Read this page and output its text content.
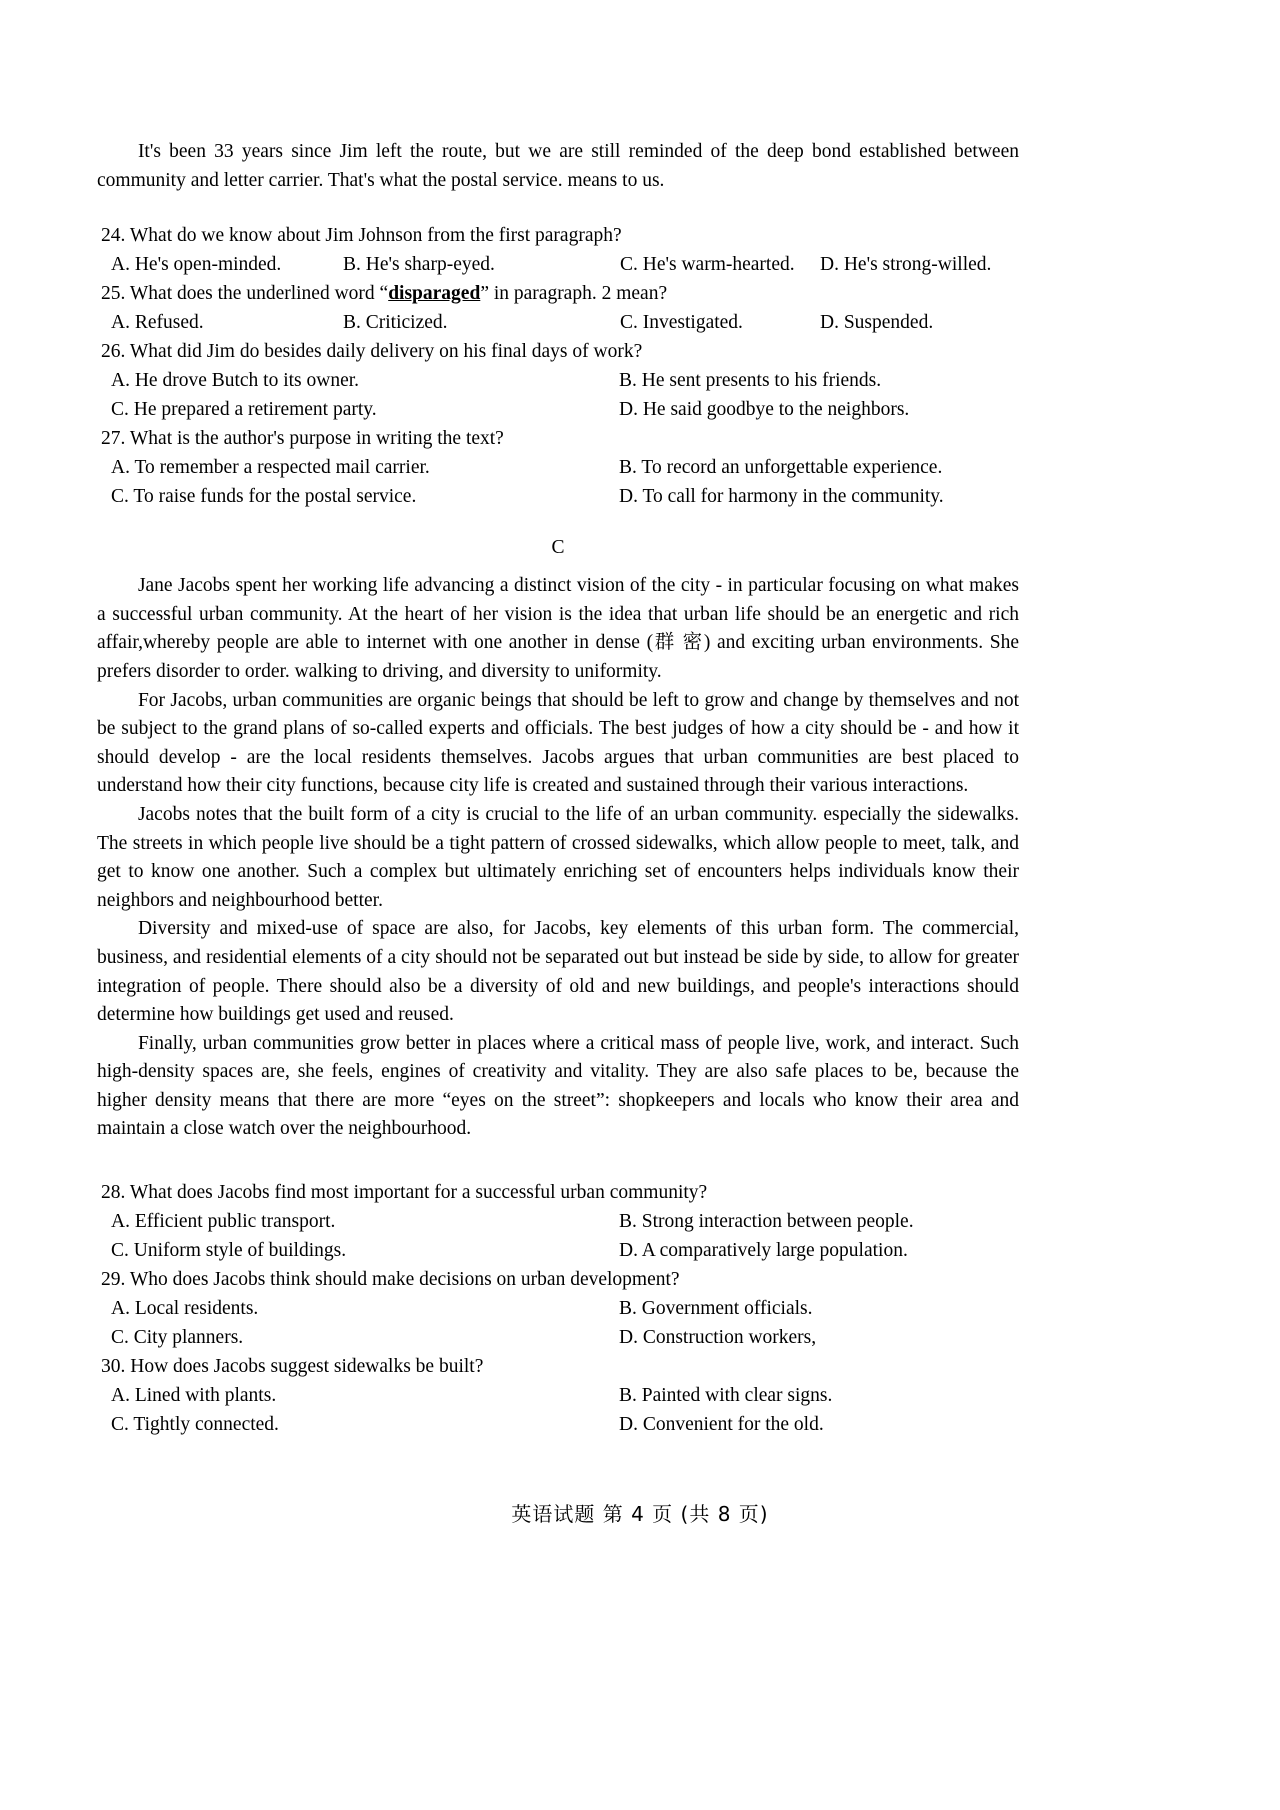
It's been 33 years since Jim left the route, but we are still reminded of the deep bond established between community and letter carrier. That's what the postal service. means to us.

24. What do we know about Jim Johnson from the first paragraph?

A. He's open-minded.	B. He's sharp-eyed.	C. He's warm-hearted.	D. He's strong-willed.

25. What does the underlined word “disparaged” in paragraph. 2 mean?

A. Refused.	B. Criticized.	C. Investigated.	D. Suspended.

26. What did Jim do besides daily delivery on his final days of work?

A. He drove Butch to its owner.	B. He sent presents to his friends.
C. He prepared a retirement party.	D. He said goodbye to the neighbors.

27. What is the author's purpose in writing the text?

A. To remember a respected mail carrier.	B. To record an unforgettable experience.
C. To raise funds for the postal service.	D. To call for harmony in the community.
C

Jane Jacobs spent her working life advancing a distinct vision of the city - in particular focusing on what makes a successful urban community. At the heart of her vision is the idea that urban life should be an energetic and rich affair,whereby people are able to internet with one another in dense (群 密) and exciting urban environments. She prefers disorder to order. walking to driving, and diversity to uniformity.

For Jacobs, urban communities are organic beings that should be left to grow and change by themselves and not be subject to the grand plans of so-called experts and officials. The best judges of how a city should be - and how it should develop - are the local residents themselves. Jacobs argues that urban communities are best placed to understand how their city functions, because city life is created and sustained through their various interactions.

Jacobs notes that the built form of a city is crucial to the life of an urban community. especially the sidewalks. The streets in which people live should be a tight pattern of crossed sidewalks, which allow people to meet, talk, and get to know one another. Such a complex but ultimately enriching set of encounters helps individuals know their neighbors and neighbourhood better.

Diversity and mixed-use of space are also, for Jacobs, key elements of this urban form. The commercial, business, and residential elements of a city should not be separated out but instead be side by side, to allow for greater integration of people. There should also be a diversity of old and new buildings, and people's interactions should determine how buildings get used and reused.

Finally, urban communities grow better in places where a critical mass of people live, work, and interact. Such high-density spaces are, she feels, engines of creativity and vitality. They are also safe places to be, because the higher density means that there are more “eyes on the street”: shopkeepers and locals who know their area and maintain a close watch over the neighbourhood.

28. What does Jacobs find most important for a successful urban community?

A. Efficient public transport.	B. Strong interaction between people.
C. Uniform style of buildings.	D. A comparatively large population.

29. Who does Jacobs think should make decisions on urban development?

A. Local residents.	B. Government officials.
C. City planners.	D. Construction workers,

30. How does Jacobs suggest sidewalks be built?

A. Lined with plants.	B. Painted with clear signs.
C. Tightly connected.	D. Convenient for the old.
英语试题 第 4 页 (共 8 页)
